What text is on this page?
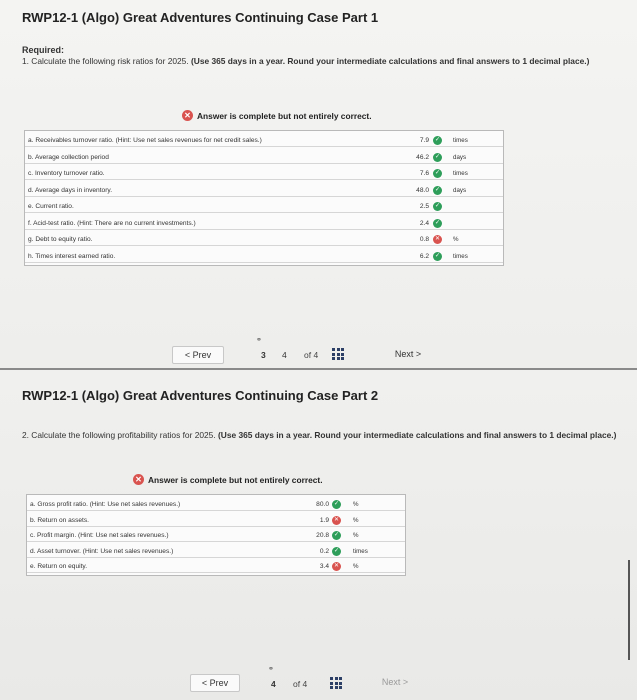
RWP12-1 (Algo) Great Adventures Continuing Case Part 1
Required:
1. Calculate the following risk ratios for 2025. (Use 365 days in a year. Round your intermediate calculations and final answers to 1 decimal place.)
✕ Answer is complete but not entirely correct.
a. Receivables turnover ratio. (Hint: Use net sales revenues for net credit sales.)	7.9 ✓	times
b. Average collection period	46.2 ✓	days
c. Inventory turnover ratio.	7.6 ✓	times
d. Average days in inventory.	48.0 ✓	days
e. Current ratio.	2.5 ✓
f. Acid-test ratio. (Hint: There are no current investments.)	2.4 ✓
g. Debt to equity ratio.	0.8 ✕	%
h. Times interest earned ratio.	6.2 ✓	times
< Prev
⚭
3 4 of 4	Next >
RWP12-1 (Algo) Great Adventures Continuing Case Part 2
2. Calculate the following profitability ratios for 2025. (Use 365 days in a year. Round your intermediate calculations and final answers to 1 decimal place.)
✕ Answer is complete but not entirely correct.
a. Gross profit ratio. (Hint: Use net sales revenues.)	80.0 ✓	%
b. Return on assets.	1.9 ✕	%
c. Profit margin. (Hint: Use net sales revenues.)	20.8 ✓	%
d. Asset turnover. (Hint: Use net sales revenues.)	0.2 ✓	times
e. Return on equity.	3.4 ✕	%
< Prev
⚭
4 of 4	Next >
